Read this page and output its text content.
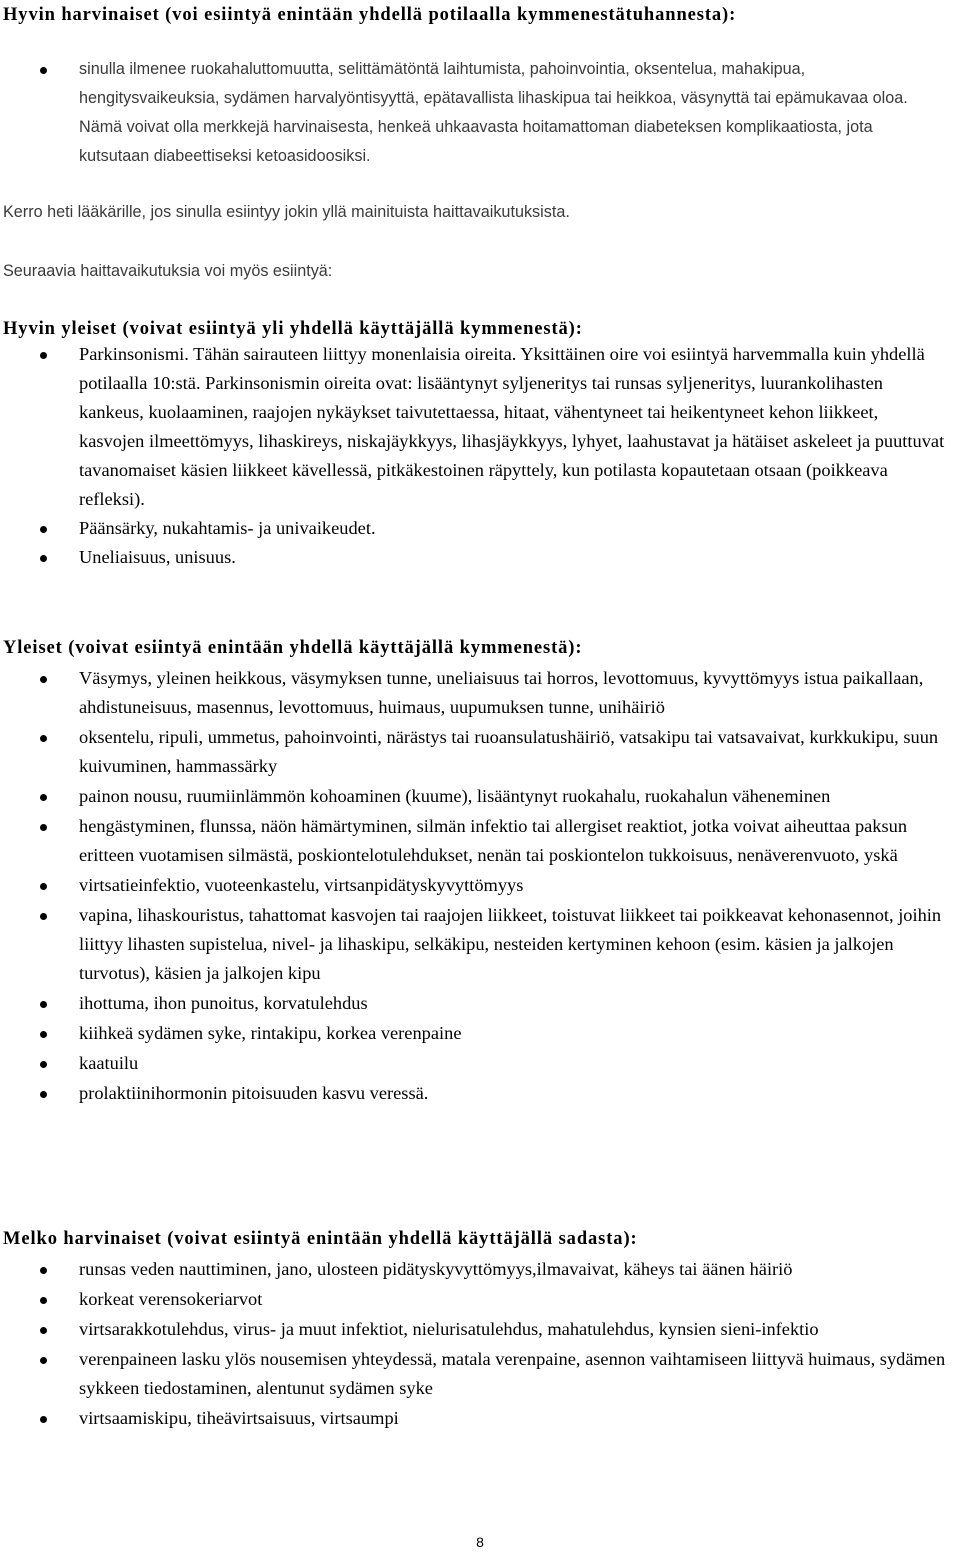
Hyvin harvinaiset (voi esiintyä enintään yhdellä potilaalla kymmenestätuhannesta):
sinulla ilmenee ruokahaluttomuutta, selittämätöntä laihtumista, pahoinvointia, oksentelua, mahakipua, hengitysvaikeuksia, sydämen harvalyöntisyyttä, epätavallista lihaskipua tai heikkoa, väsynyttä tai epämukavaa oloa. Nämä voivat olla merkkejä harvinaisesta, henkeä uhkaavasta hoitamattoman diabeteksen komplikaatiosta, jota kutsutaan diabeettiseksi ketoasidoosiksi.

Kerro heti lääkärille, jos sinulla esiintyy jokin yllä mainituista haittavaikutuksista.

Seuraavia haittavaikutuksia voi myös esiintyä:

Hyvin yleiset (voivat esiintyä yli yhdellä käyttäjällä kymmenestä):
Parkinsonismi. Tähän sairauteen liittyy monenlaisia oireita. Yksittäinen oire voi esiintyä harvemmalla kuin yhdellä potilaalla 10:stä. Parkinsonismin oireita ovat: lisääntynyt syljeneritys tai runsas syljeneritys, luurankolihasten kankeus, kuolaaminen, raajojen nykäykset taivutettaessa, hitaat, vähentyneet tai heikentyneet kehon liikkeet, kasvojen ilmeettömyys, lihaskireys, niskajäykkyys, lihasjäykkyys, lyhyet, laahustavat ja hätäiset askeleet ja puuttuvat tavanomaiset käsien liikkeet kävellessä, pitkäkestoinen räpyttely, kun potilasta kopautetaan otsaan (poikkeava refleksi).
Päänsärky, nukahtamis- ja univaikeudet.
Uneliaisuus, unisuus.
Yleiset (voivat esiintyä enintään yhdellä käyttäjällä kymmenestä):
Väsymys, yleinen heikkous, väsymyksen tunne, uneliaisuus tai horros, levottomuus, kyvyttömyys istua paikallaan, ahdistuneisuus, masennus, levottomuus, huimaus, uupumuksen tunne, unihäiriö
oksentelu, ripuli, ummetus, pahoinvointi, närästys tai ruoansulatushäiriö, vatsakipu tai vatsavaivat, kurkkukipu, suun kuivuminen, hammassärky
painon nousu, ruumiinlämmön kohoaminen (kuume), lisääntynyt ruokahalu, ruokahalun väheneminen
hengästyminen, flunssa, näön hämärtyminen, silmän infektio tai allergiset reaktiot, jotka voivat aiheuttaa paksun eritteen vuotamisen silmästä, poskiontelotulehdukset, nenän tai poskiontelon tukkoisuus, nenäverenvuoto, yskä
virtsatieinfektio, vuoteenkastelu, virtsanpidätyskyvyttömyys
vapina, lihaskouristus, tahattomat kasvojen tai raajojen liikkeet, toistuvat liikkeet tai poikkeavat kehonasennot, joihin liittyy lihasten supistelua, nivel- ja lihaskipu, selkäkipu, nesteiden kertyminen kehoon (esim. käsien ja jalkojen turvotus), käsien ja jalkojen kipu
ihottuma, ihon punoitus, korvatulehdus
kiihkeä sydämen syke, rintakipu, korkea verenpaine
kaatuilu
prolaktiinihormonin pitoisuuden kasvu veressä.
Melko harvinaiset (voivat esiintyä enintään yhdellä käyttäjällä sadasta):
runsas veden nauttiminen, jano, ulosteen pidätyskyvyttömyys,ilmavaivat, käheys tai äänen häiriö
korkeat verensokeriarvot
virtsarakkotulehdus, virus- ja muut infektiot, nielurisatulehdus, mahatulehdus, kynsien sieni-infektio
verenpaineen lasku ylös nousemisen yhteydessä, matala verenpaine, asennon vaihtamiseen liittyvä huimaus, sydämen sykkeen tiedostaminen, alentunut sydämen syke
virtsaamiskipu, tiheävirtsaisuus, virtsaumpi
8
